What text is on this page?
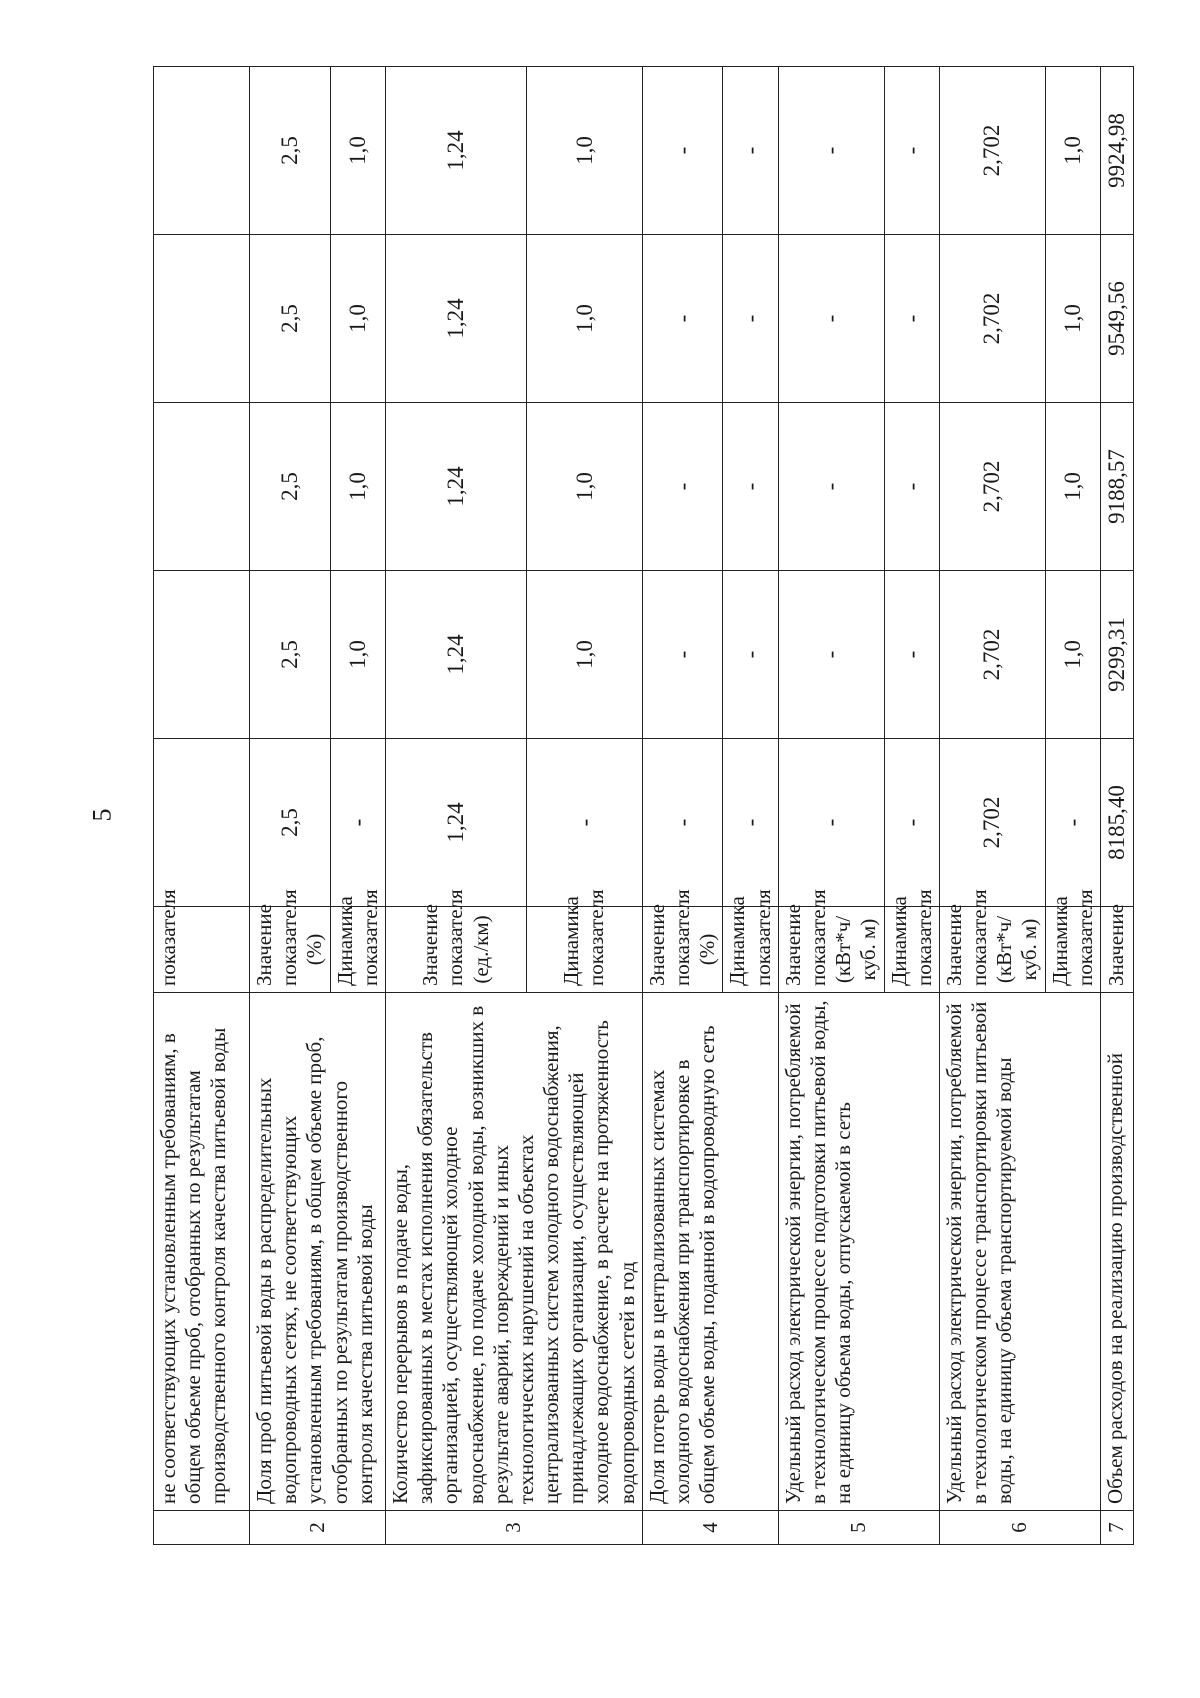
5
	не соответствующих установленным требованиям, в общем объеме проб, отобранных по результатам производственного контроля качества питьевой воды	показателя					
2	Доля проб питьевой воды в распределительных водопроводных сетях, не соответствующих установленным требованиям, в общем объеме проб, отобранных по результатам производственного контроля качества питьевой воды	Значение показателя (%)	2,5	2,5	2,5	2,5	2,5
		Динамика показателя	-	1,0	1,0	1,0	1,0
3	Количество перерывов в подаче воды, зафиксированных в местах исполнения обязательств организацией, осуществляющей холодное водоснабжение, по подаче холодной воды, возникших в результате аварий, повреждений и иных технологических нарушений на объектах централизованных систем холодного водоснабжения, принадлежащих организации, осуществляющей холодное водоснабжение, в расчете на протяженность водопроводных сетей в год	Значение показателя (ед./км)	1,24	1,24	1,24	1,24	1,24
		Динамика показателя	-	1,0	1,0	1,0	1,0
4	Доля потерь воды в централизованных системах холодного водоснабжения при транспортировке в общем объеме воды, поданной в водопроводную сеть	Значение показателя (%)	-	-	-	-	-
		Динамика показателя	-	-	-	-	-
5	Удельный расход электрической энергии, потребляемой в технологическом процессе подготовки питьевой воды, на единицу объема воды, отпускаемой в сеть	Значение показателя (кВт*ч/куб. м)	-	-	-	-	-
		Динамика показателя	-	-	-	-	-
6	Удельный расход электрической энергии, потребляемой в технологическом процессе транспортировки питьевой воды, на единицу объема транспортируемой воды	Значение показателя (кВт*ч/куб. м)	2,702	2,702	2,702	2,702	2,702
		Динамика показателя	-	1,0	1,0	1,0	1,0
7	Объем расходов на реализацию производственной	Значение	8185,40	9299,31	9188,57	9549,56	9924,98
